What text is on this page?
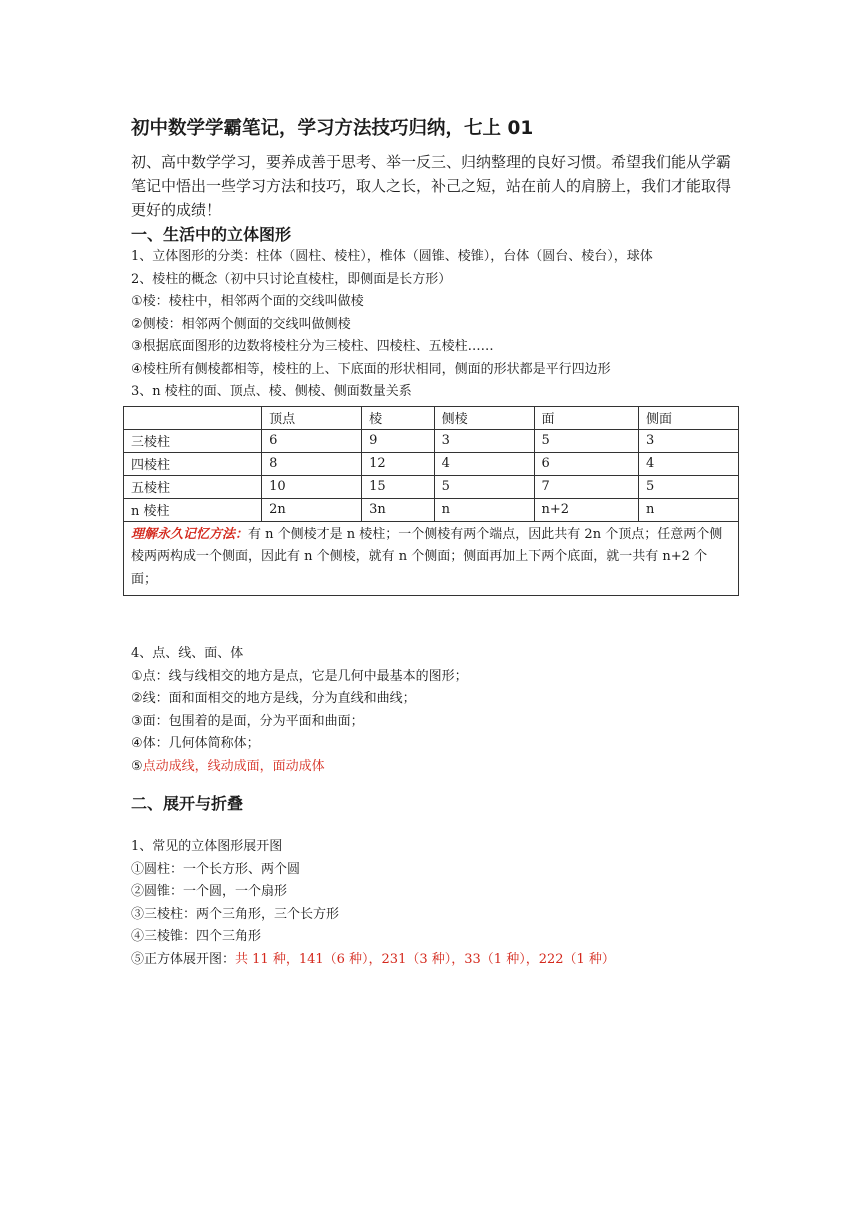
初中数学学霸笔记，学习方法技巧归纳，七上 01

初、高中数学学习，要养成善于思考、举一反三、归纳整理的良好习惯。希望我们能从学霸笔记中悟出一些学习方法和技巧，取人之长，补己之短，站在前人的肩膀上，我们才能取得更好的成绩！

一、生活中的立体图形

1、立体图形的分类：柱体（圆柱、棱柱），椎体（圆锥、棱锥），台体（圆台、棱台），球体

2、棱柱的概念（初中只讨论直棱柱，即侧面是长方形）

①棱：棱柱中，相邻两个面的交线叫做棱

②侧棱：相邻两个侧面的交线叫做侧棱

③根据底面图形的边数将棱柱分为三棱柱、四棱柱、五棱柱……

④棱柱所有侧棱都相等，棱柱的上、下底面的形状相同，侧面的形状都是平行四边形

3、n 棱柱的面、顶点、棱、侧棱、侧面数量关系

	顶点	棱	侧棱	面	侧面
三棱柱	6	9	3	5	3
四棱柱	8	12	4	6	4
五棱柱	10	15	5	7	5
n 棱柱	2n	3n	n	n+2	n
理解永久记忆方法：有 n 个侧棱才是 n 棱柱；一个侧棱有两个端点，因此共有 2n 个顶点；任意两个侧棱两两构成一个侧面，因此有 n 个侧棱，就有 n 个侧面；侧面再加上下两个底面，就一共有 n+2 个面；					

4、点、线、面、体

①点：线与线相交的地方是点，它是几何中最基本的图形；

②线：面和面相交的地方是线，分为直线和曲线；

③面：包围着的是面，分为平面和曲面；

④体：几何体简称体；

⑤点动成线，线动成面，面动成体

二、展开与折叠

1、常见的立体图形展开图

①圆柱：一个长方形、两个圆

②圆锥：一个圆，一个扇形

③三棱柱：两个三角形，三个长方形

④三棱锥：四个三角形

⑤正方体展开图：共 11 种，141（6 种），231（3 种），33（1 种），222（1 种）
